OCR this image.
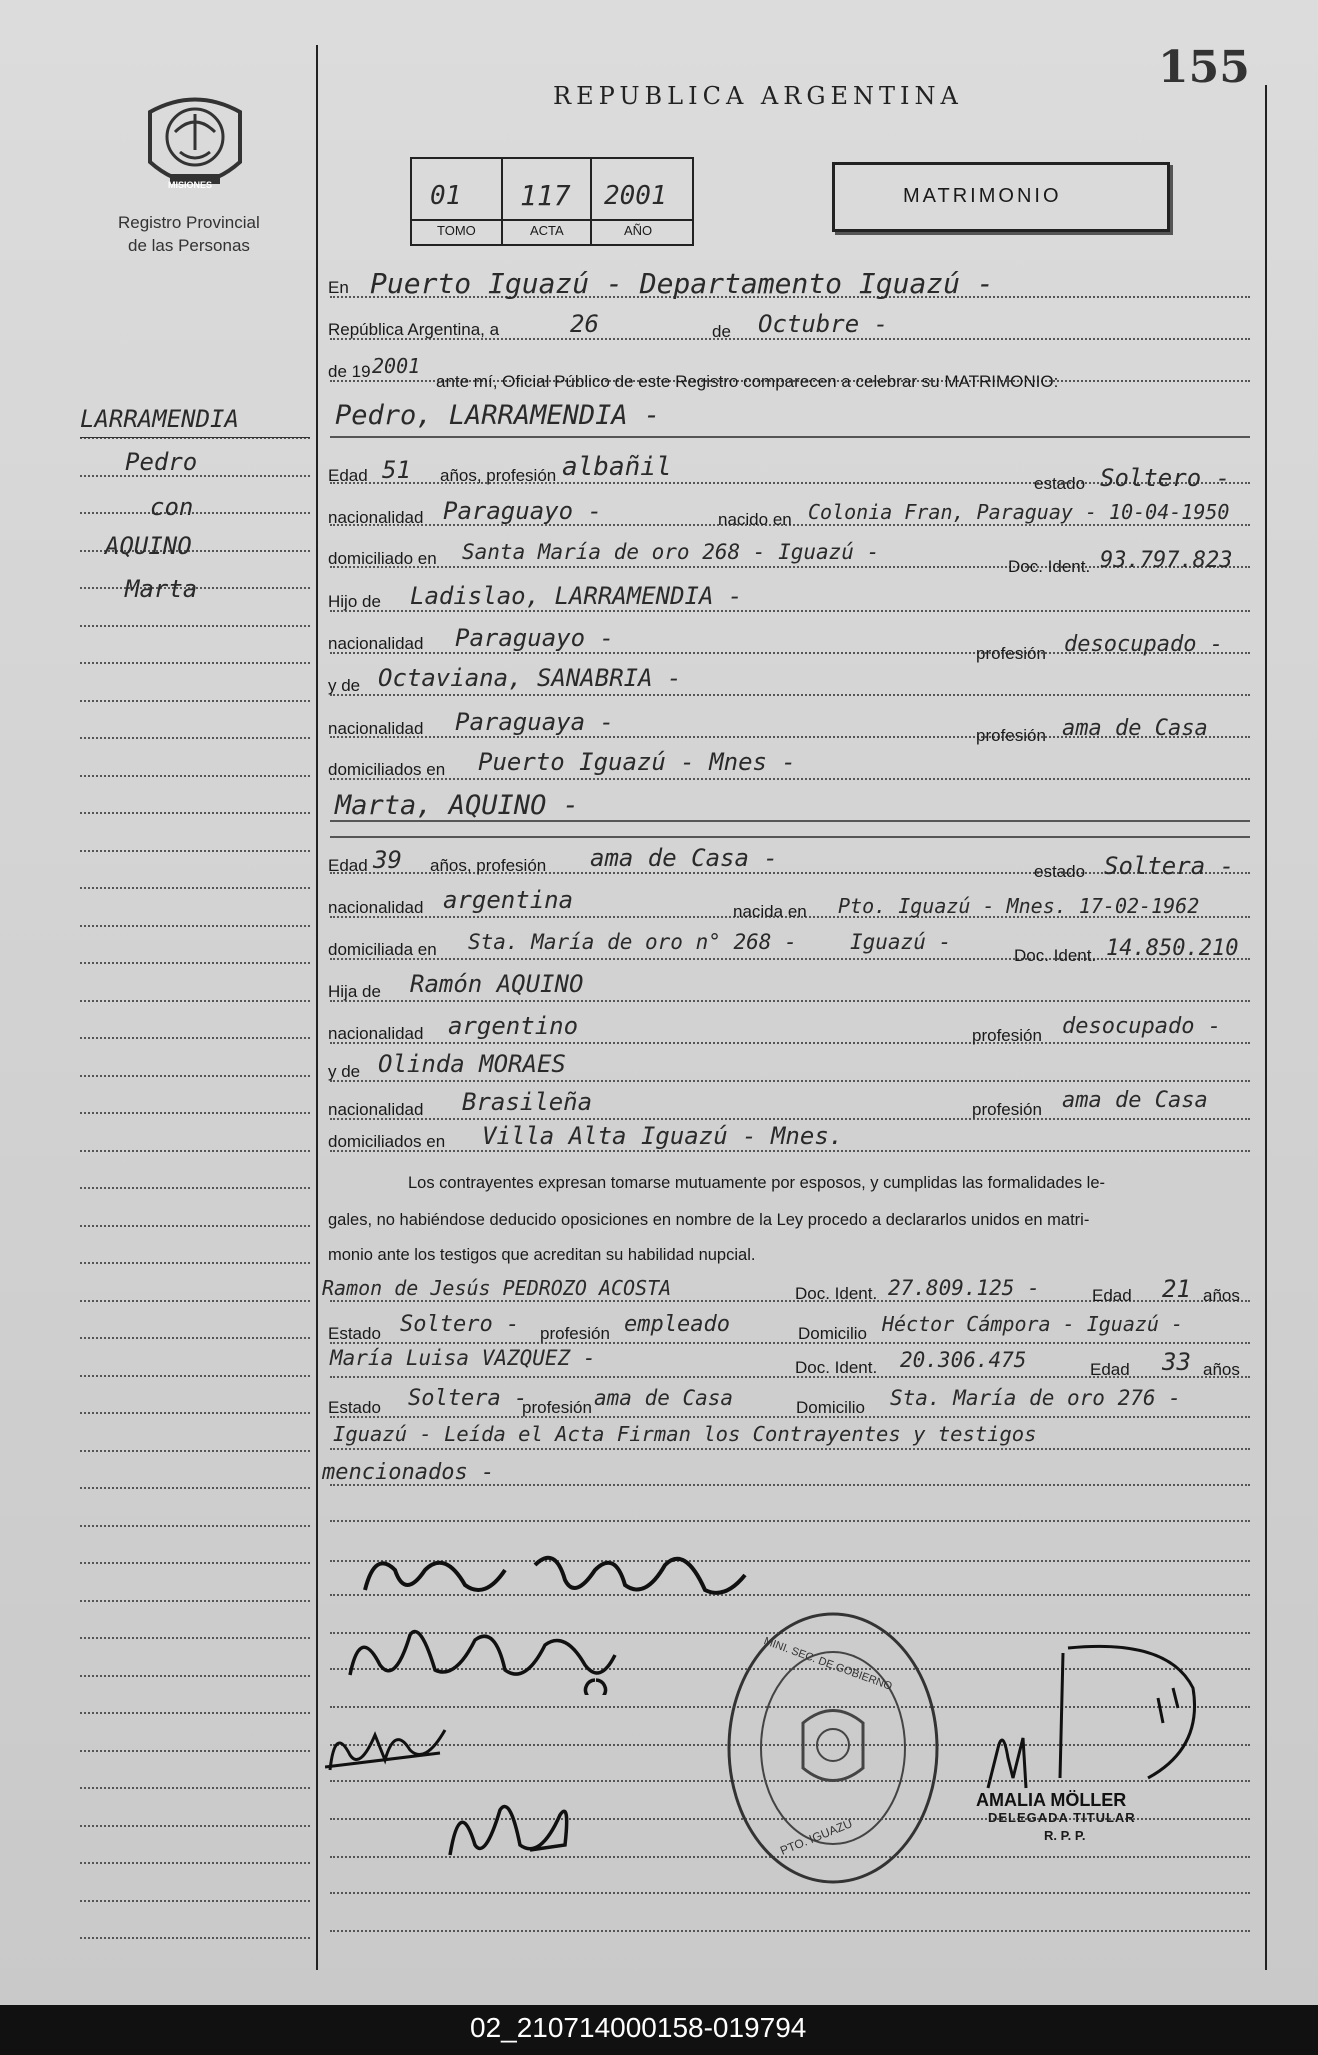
155
MISIONES
Registro Provincial
de las Personas
REPUBLICA ARGENTINA
01 117 2001
TOMO	ACTA	AÑO
MATRIMONIO
LARRAMENDIA
Pedro
con
AQUINO
Marta
En Puerto Iguazú - Departamento Iguazú -
República Argentina, a	26	de Octubre -
de 19 2001
ante mí, Oficial Público de este Registro comparecen a celebrar su MATRIMONIO:
Pedro, LARRAMENDIA -
Edad 51 años, profesión albañil
estado Soltero -
nacionalidad Paraguayo -	nacido en Colonia Fran, Paraguay - 10-04-1950
domiciliado en Santa María de oro 268 - Iguazú -
Doc. Ident. 93.797.823
Hijo de Ladislao, LARRAMENDIA -
nacionalidad Paraguayo -
profesión desocupado -
y de Octaviana, SANABRIA -
nacionalidad Paraguaya -	profesión ama de Casa
domiciliados en Puerto Iguazú - Mnes -
Marta, AQUINO -
Edad 39 años, profesión ama de Casa -	estado Soltera -
nacionalidad argentina	nacida en Pto. Iguazú - Mnes. 17-02-1962
domiciliada en Sta. María de oro n° 268 -	Iguazú -
Doc. Ident. 14.850.210
Hija de Ramón AQUINO
nacionalidad argentino	profesión desocupado -
y de Olinda MORAES
nacionalidad Brasileña	profesión ama de Casa
domiciliados en Villa Alta Iguazú - Mnes.
Los contrayentes expresan tomarse mutuamente por esposos, y cumplidas las formalidades le-
gales, no habiéndose deducido oposiciones en nombre de la Ley procedo a declararlos unidos en matri-
monio ante los testigos que acreditan su habilidad nupcial.
Ramon de Jesús PEDROZO ACOSTA	Doc. Ident. 27.809.125 -	Edad 21 años
Estado Soltero - profesión empleado	Domicilio Héctor Cámpora - Iguazú -
María Luisa VAZQUEZ -	Doc. Ident. 20.306.475	Edad 33 años
Estado Soltera -
profesión ama de Casa	Domicilio Sta. María de oro 276 -
Iguazú - Leída el Acta Firman los Contrayentes y testigos
mencionados -
MINI. SEC. DE GOBIERNO
PTO. IGUAZU
AMALIA MÖLLER
DELEGADA TITULAR
R. P. P.
02_210714000158-019794
